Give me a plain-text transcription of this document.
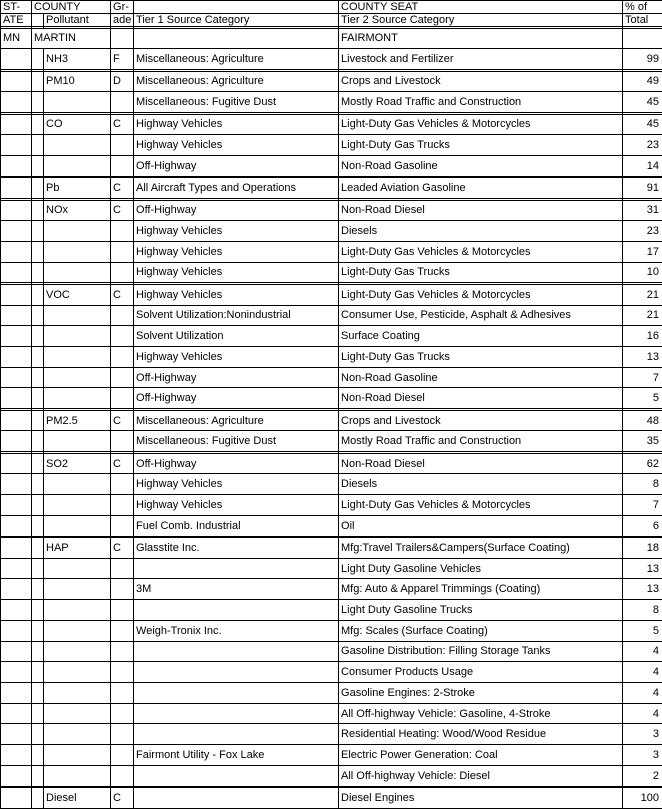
ST-	COUNTY		Gr-		COUNTY SEAT	% of
ATE		Pollutant	ade	Tier 1 Source Category	Tier 2 Source Category	Total

MN	MARTIN				FAIRMONT	
		NH3	F	Miscellaneous: Agriculture	Livestock and Fertilizer	99

		PM10	D	Miscellaneous: Agriculture	Crops and Livestock	49
				Miscellaneous: Fugitive Dust	Mostly Road Traffic and Construction	45

		CO	C	Highway Vehicles	Light-Duty Gas Vehicles & Motorcycles	45
				Highway Vehicles	Light-Duty Gas Trucks	23
				Off-Highway	Non-Road Gasoline	14

		Pb	C	All Aircraft Types and Operations	Leaded Aviation Gasoline	91

		NOx	C	Off-Highway	Non-Road Diesel	31
				Highway Vehicles	Diesels	23
				Highway Vehicles	Light-Duty Gas Vehicles & Motorcycles	17
				Highway Vehicles	Light-Duty Gas Trucks	10

		VOC	C	Highway Vehicles	Light-Duty Gas Vehicles & Motorcycles	21
				Solvent Utilization:Nonindustrial	Consumer Use, Pesticide, Asphalt & Adhesives	21
				Solvent Utilization	Surface Coating	16
				Highway Vehicles	Light-Duty Gas Trucks	13
				Off-Highway	Non-Road Gasoline	7
				Off-Highway	Non-Road Diesel	5

		PM2.5	C	Miscellaneous: Agriculture	Crops and Livestock	48
				Miscellaneous: Fugitive Dust	Mostly Road Traffic and Construction	35

		SO2	C	Off-Highway	Non-Road Diesel	62
				Highway Vehicles	Diesels	8
				Highway Vehicles	Light-Duty Gas Vehicles & Motorcycles	7
				Fuel Comb. Industrial	Oil	6

		HAP	C	Glasstite Inc.	Mfg:Travel Trailers&Campers(Surface Coating)	18
					Light Duty Gasoline Vehicles	13
				3M	Mfg: Auto & Apparel Trimmings (Coating)	13
					Light Duty Gasoline Trucks	8
				Weigh-Tronix Inc.	Mfg: Scales (Surface Coating)	5
					Gasoline Distribution: Filling Storage Tanks	4
					Consumer Products Usage	4
					Gasoline Engines: 2-Stroke	4
					All Off-highway Vehicle: Gasoline, 4-Stroke	4
					Residential Heating: Wood/Wood Residue	3
				Fairmont Utility - Fox Lake	Electric Power Generation: Coal	3
					All Off-highway Vehicle: Diesel	2

		Diesel	C		Diesel Engines	100
